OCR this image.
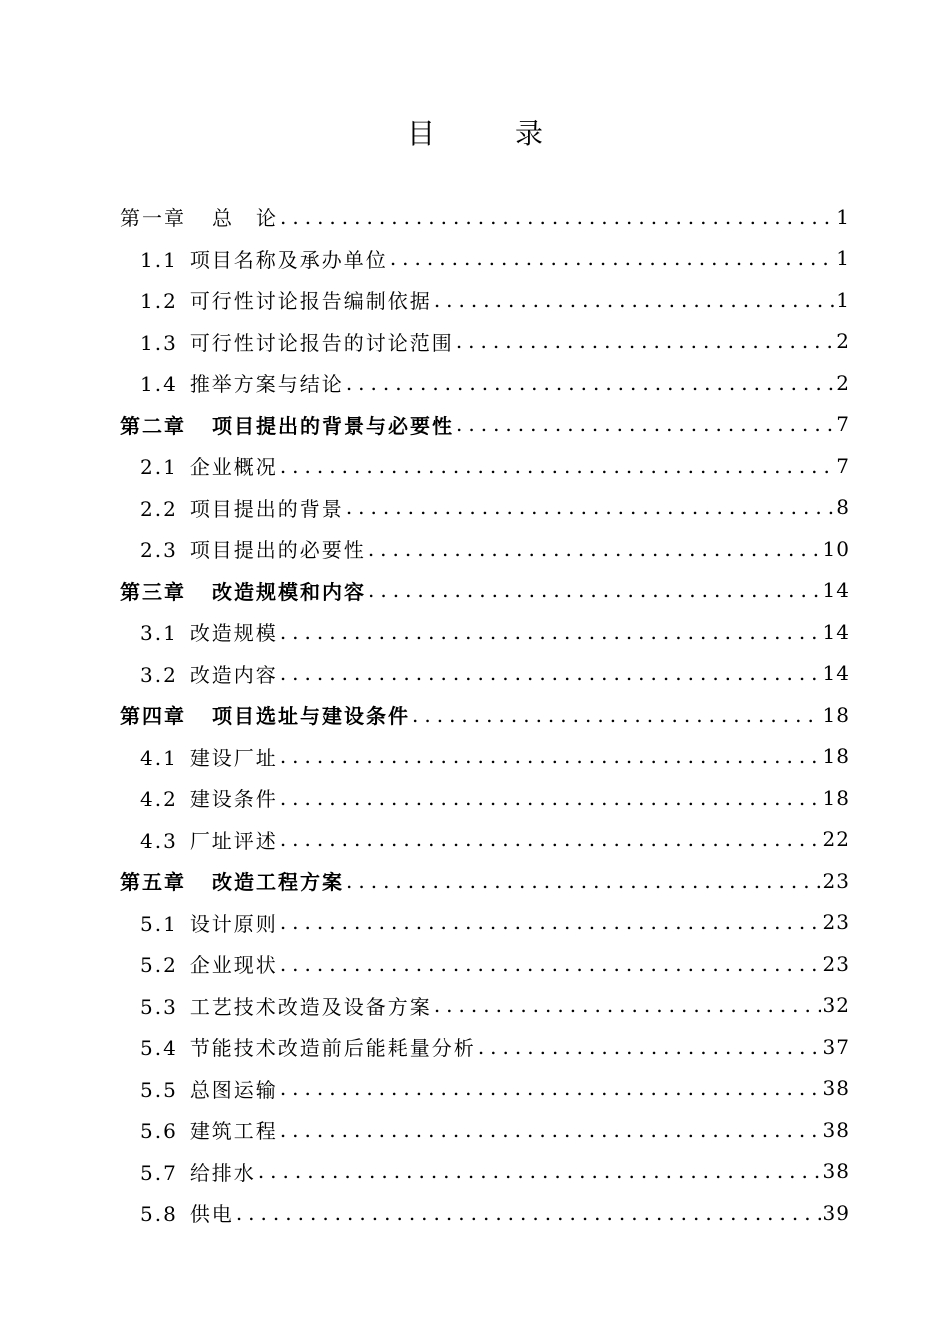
目　录
第一章 总　论 .....	1
1.1 项目名称及承办单位 .....	1
1.2 可行性讨论报告编制依据 .....	1
1.3 可行性讨论报告的讨论范围 .....	2
1.4 推举方案与结论 .....	2
第二章 项目提出的背景与必要性 .....	7
2.1 企业概况 .....	7
2.2 项目提出的背景 .....	8
2.3 项目提出的必要性 .....	10
第三章 改造规模和内容 .....	14
3.1 改造规模 .....	14
3.2 改造内容 .....	14
第四章 项目选址与建设条件 .....	18
4.1 建设厂址 .....	18
4.2 建设条件 .....	18
4.3 厂址评述 .....	22
第五章 改造工程方案 .....	23
5.1 设计原则 .....	23
5.2 企业现状 .....	23
5.3 工艺技术改造及设备方案 .....	32
5.4 节能技术改造前后能耗量分析 .....	37
5.5 总图运输 .....	38
5.6 建筑工程 .....	38
5.7 给排水 .....	38
5.8 供电 .....	39
